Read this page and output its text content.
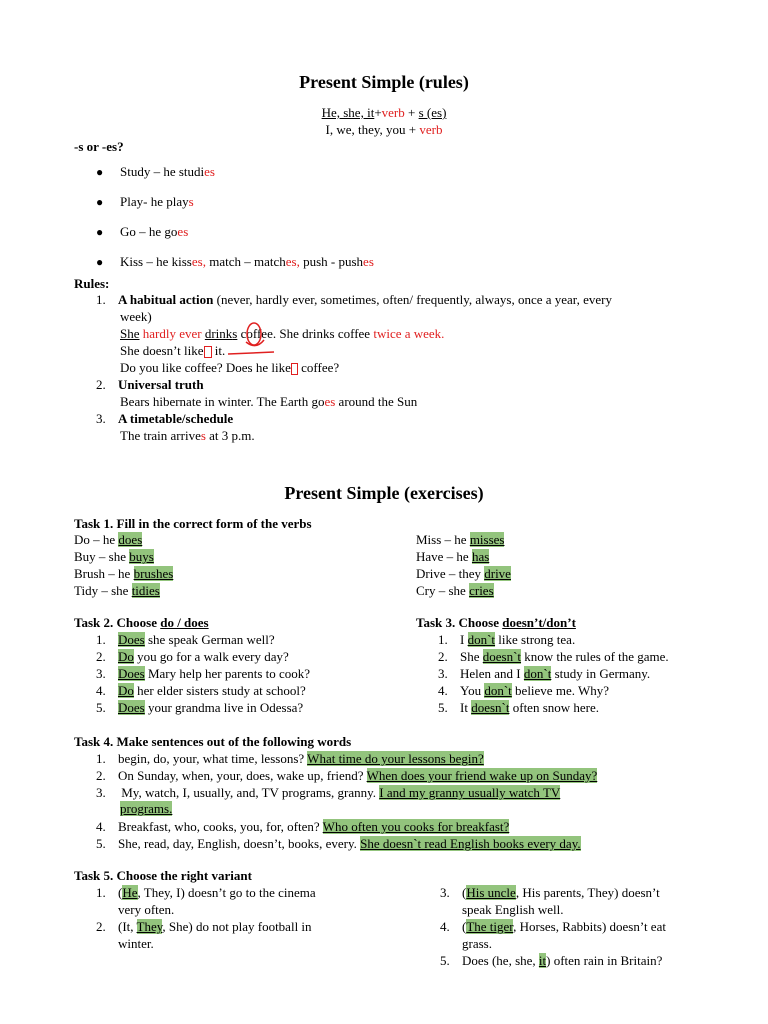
Present Simple (rules)
He, she, it+verb + s (es)
I, we, they, you + verb
-s or -es?
● Study – he studies
● Play- he plays
● Go – he goes
● Kiss – he kisses, match – matches, push - pushes
Rules:
1. A habitual action (never, hardly ever, sometimes, often/ frequently, always, once a year, every
week)
She hardly ever drinks coffee. She drinks coffee twice a week.
She doesn’t like it.
Do you like coffee? Does he like coffee?
2. Universal truth
Bears hibernate in winter. The Earth goes around the Sun
3. A timetable/schedule
The train arrives at 3 p.m.
Present Simple (exercises)
Task 1. Fill in the correct form of the verbs
Do – he does
Buy – she buys
Brush – he brushes
Tidy – she tidies
Miss – he misses
Have – he has
Drive – they drive
Cry – she cries
Task 2. Choose do / does
1. Does she speak German well?
2. Do you go for a walk every day?
3. Does Mary help her parents to cook?
4. Do her elder sisters study at school?
5. Does your grandma live in Odessa?
Task 3. Choose doesn’t/don’t
1. I don`t like strong tea.
2. She doesn`t know the rules of the game.
3. Helen and I don`t study in Germany.
4. You don`t believe me. Why?
5. It doesn`t often snow here.
Task 4. Make sentences out of the following words
1. begin, do, your, what time, lessons? What time do your lessons begin?
2. On Sunday, when, your, does, wake up, friend? When does your friend wake up on Sunday?
3. My, watch, I, usually, and, TV programs, granny. I and my granny usually watch TV
programs.
4. Breakfast, who, cooks, you, for, often? Who often you cooks for breakfast?
5. She, read, day, English, doesn’t, books, every. She doesn`t read English books every day.
Task 5. Choose the right variant
1. (He, They, I) doesn’t go to the cinema
very often.
2. (It, They, She) do not play football in
winter.
3. (His uncle, His parents, They) doesn’t
speak English well.
4. (The tiger, Horses, Rabbits) doesn’t eat
grass.
5. Does (he, she, it) often rain in Britain?
